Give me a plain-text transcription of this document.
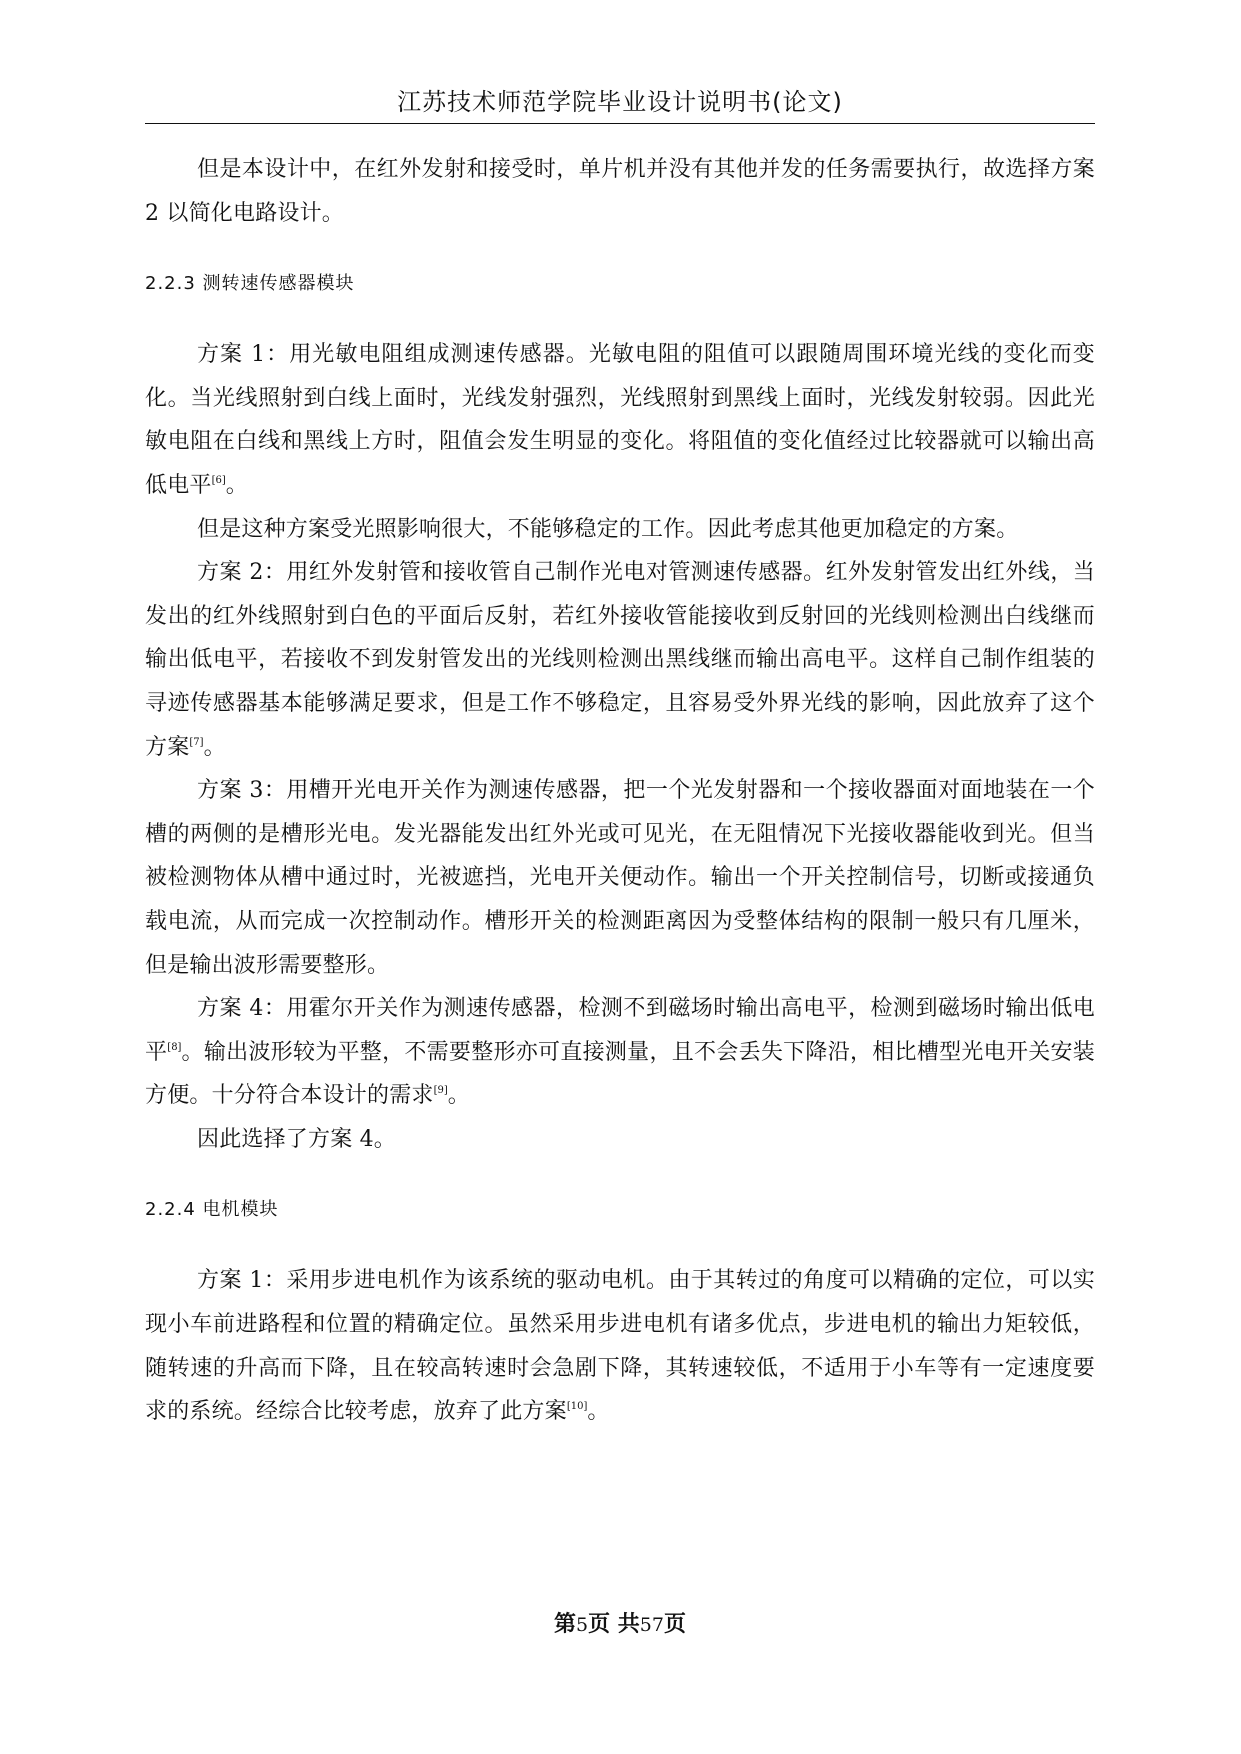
江苏技术师范学院毕业设计说明书(论文)

但是本设计中，在红外发射和接受时，单片机并没有其他并发的任务需要执行，故选择方案 2 以简化电路设计。

2.2.3 测转速传感器模块

方案 1：用光敏电阻组成测速传感器。光敏电阻的阻值可以跟随周围环境光线的变化而变化。当光线照射到白线上面时，光线发射强烈，光线照射到黑线上面时，光线发射较弱。因此光敏电阻在白线和黑线上方时，阻值会发生明显的变化。将阻值的变化值经过比较器就可以输出高低电平[6]。

但是这种方案受光照影响很大，不能够稳定的工作。因此考虑其他更加稳定的方案。

方案 2：用红外发射管和接收管自己制作光电对管测速传感器。红外发射管发出红外线，当发出的红外线照射到白色的平面后反射，若红外接收管能接收到反射回的光线则检测出白线继而输出低电平，若接收不到发射管发出的光线则检测出黑线继而输出高电平。这样自己制作组装的寻迹传感器基本能够满足要求，但是工作不够稳定，且容易受外界光线的影响，因此放弃了这个方案[7]。

方案 3：用槽开光电开关作为测速传感器，把一个光发射器和一个接收器面对面地装在一个槽的两侧的是槽形光电。发光器能发出红外光或可见光，在无阻情况下光接收器能收到光。但当被检测物体从槽中通过时，光被遮挡，光电开关便动作。输出一个开关控制信号，切断或接通负载电流，从而完成一次控制动作。槽形开关的检测距离因为受整体结构的限制一般只有几厘米，但是输出波形需要整形。

方案 4：用霍尔开关作为测速传感器，检测不到磁场时输出高电平，检测到磁场时输出低电平[8]。输出波形较为平整，不需要整形亦可直接测量，且不会丢失下降沿，相比槽型光电开关安装方便。十分符合本设计的需求[9]。

因此选择了方案 4。

2.2.4 电机模块

方案 1：采用步进电机作为该系统的驱动电机。由于其转过的角度可以精确的定位，可以实现小车前进路程和位置的精确定位。虽然采用步进电机有诸多优点，步进电机的输出力矩较低，随转速的升高而下降，且在较高转速时会急剧下降，其转速较低，不适用于小车等有一定速度要求的系统。经综合比较考虑，放弃了此方案[10]。

第5页 共57页
